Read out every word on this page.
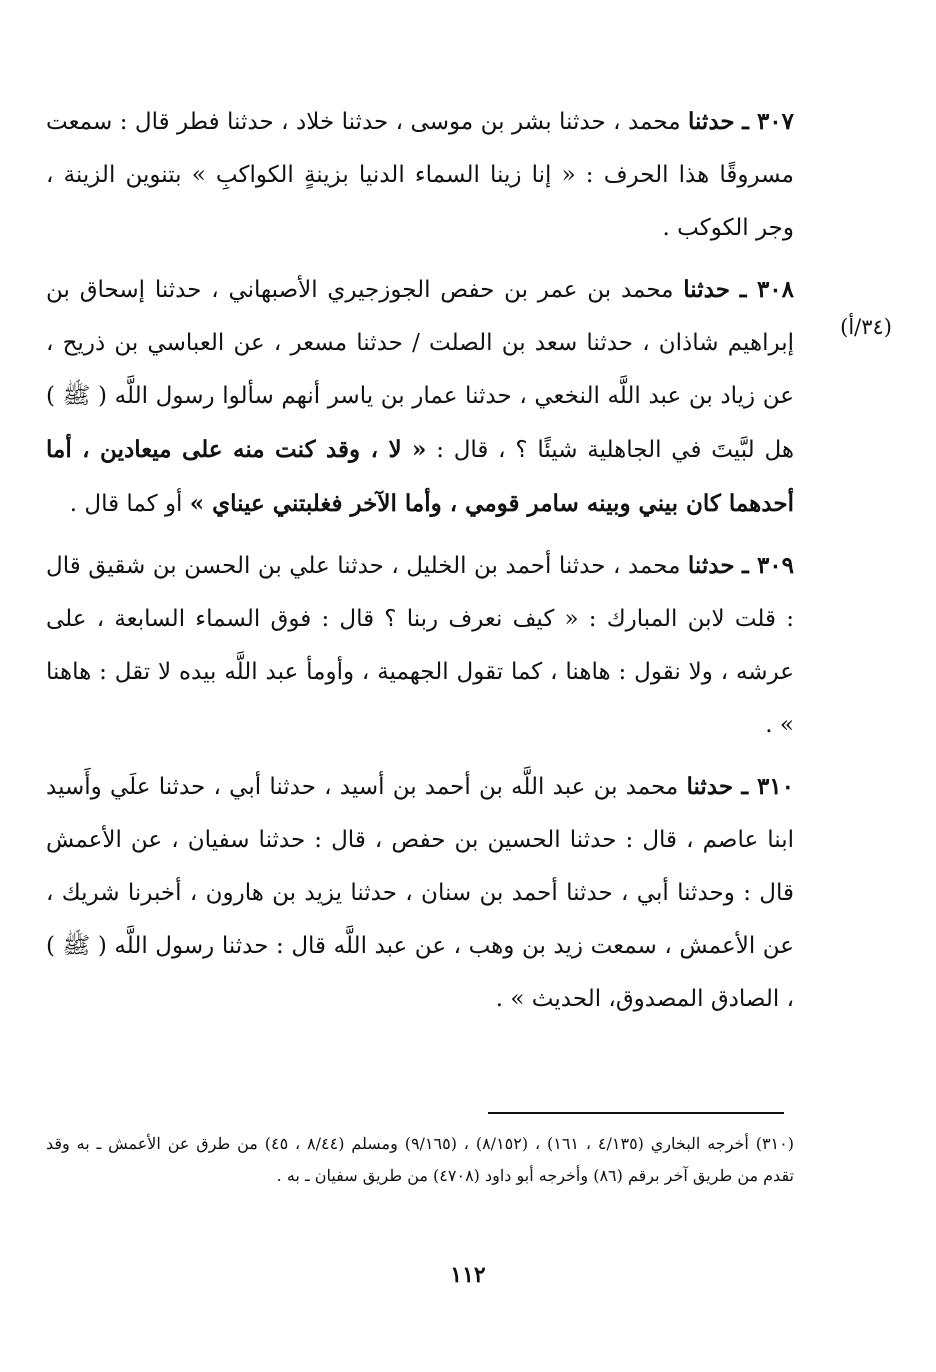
(٣٤/أ)

٣٠٧ ـ حدثنا محمد ، حدثنا بشر بن موسى ، حدثنا خلاد ، حدثنا فطر قال : سمعت مسروقًا هذا الحرف : « إنا زينا السماء الدنيا بزينةٍ الكواكبِ » بتنوين الزينة ، وجر الكوكب .

٣٠٨ ـ حدثنا محمد بن عمر بن حفص الجوزجيري الأصبهاني ، حدثنا إسحاق بن إبراهيم شاذان ، حدثنا سعد بن الصلت / حدثنا مسعر ، عن العباسي بن ذريح ، عن زياد بن عبد اللَّه النخعي ، حدثنا عمار بن ياسر أنهم سألوا رسول اللَّه ( ﷺ ) هل لبَّيتَ في الجاهلية شيئًا ؟ ، قال : « لا ، وقد كنت منه على ميعادين ، أما أحدهما كان بيني وبينه سامر قومي ، وأما الآخر فغلبتني عيناي » أو كما قال .

٣٠٩ ـ حدثنا محمد ، حدثنا أحمد بن الخليل ، حدثنا علي بن الحسن بن شقيق قال : قلت لابن المبارك : « كيف نعرف ربنا ؟ قال : فوق السماء السابعة ، على عرشه ، ولا نقول : هاهنا ، كما تقول الجهمية ، وأومأ عبد اللَّه بيده لا تقل : هاهنا » .

٣١٠ ـ حدثنا محمد بن عبد اللَّه بن أحمد بن أسيد ، حدثنا أبي ، حدثنا علَي وأَسيد ابنا عاصم ، قال : حدثنا الحسين بن حفص ، قال : حدثنا سفيان ، عن الأعمش قال : وحدثنا أبي ، حدثنا أحمد بن سنان ، حدثنا يزيد بن هارون ، أخبرنا شريك ، عن الأعمش ، سمعت زيد بن وهب ، عن عبد اللَّه قال : حدثنا رسول اللَّه ( ﷺ ) ، الصادق المصدوق، الحديث » .

(٣١٠) أخرجه البخاري (٤/١٣٥ ، ١٦١) ، (٨/١٥٢) ، (٩/١٦٥) ومسلم (٨/٤٤ ، ٤٥) من طرق عن الأعمش ـ به وقد تقدم من طريق آخر برقم (٨٦) وأخرجه أبو داود (٤٧٠٨) من طريق سفيان ـ به .
١١٢
